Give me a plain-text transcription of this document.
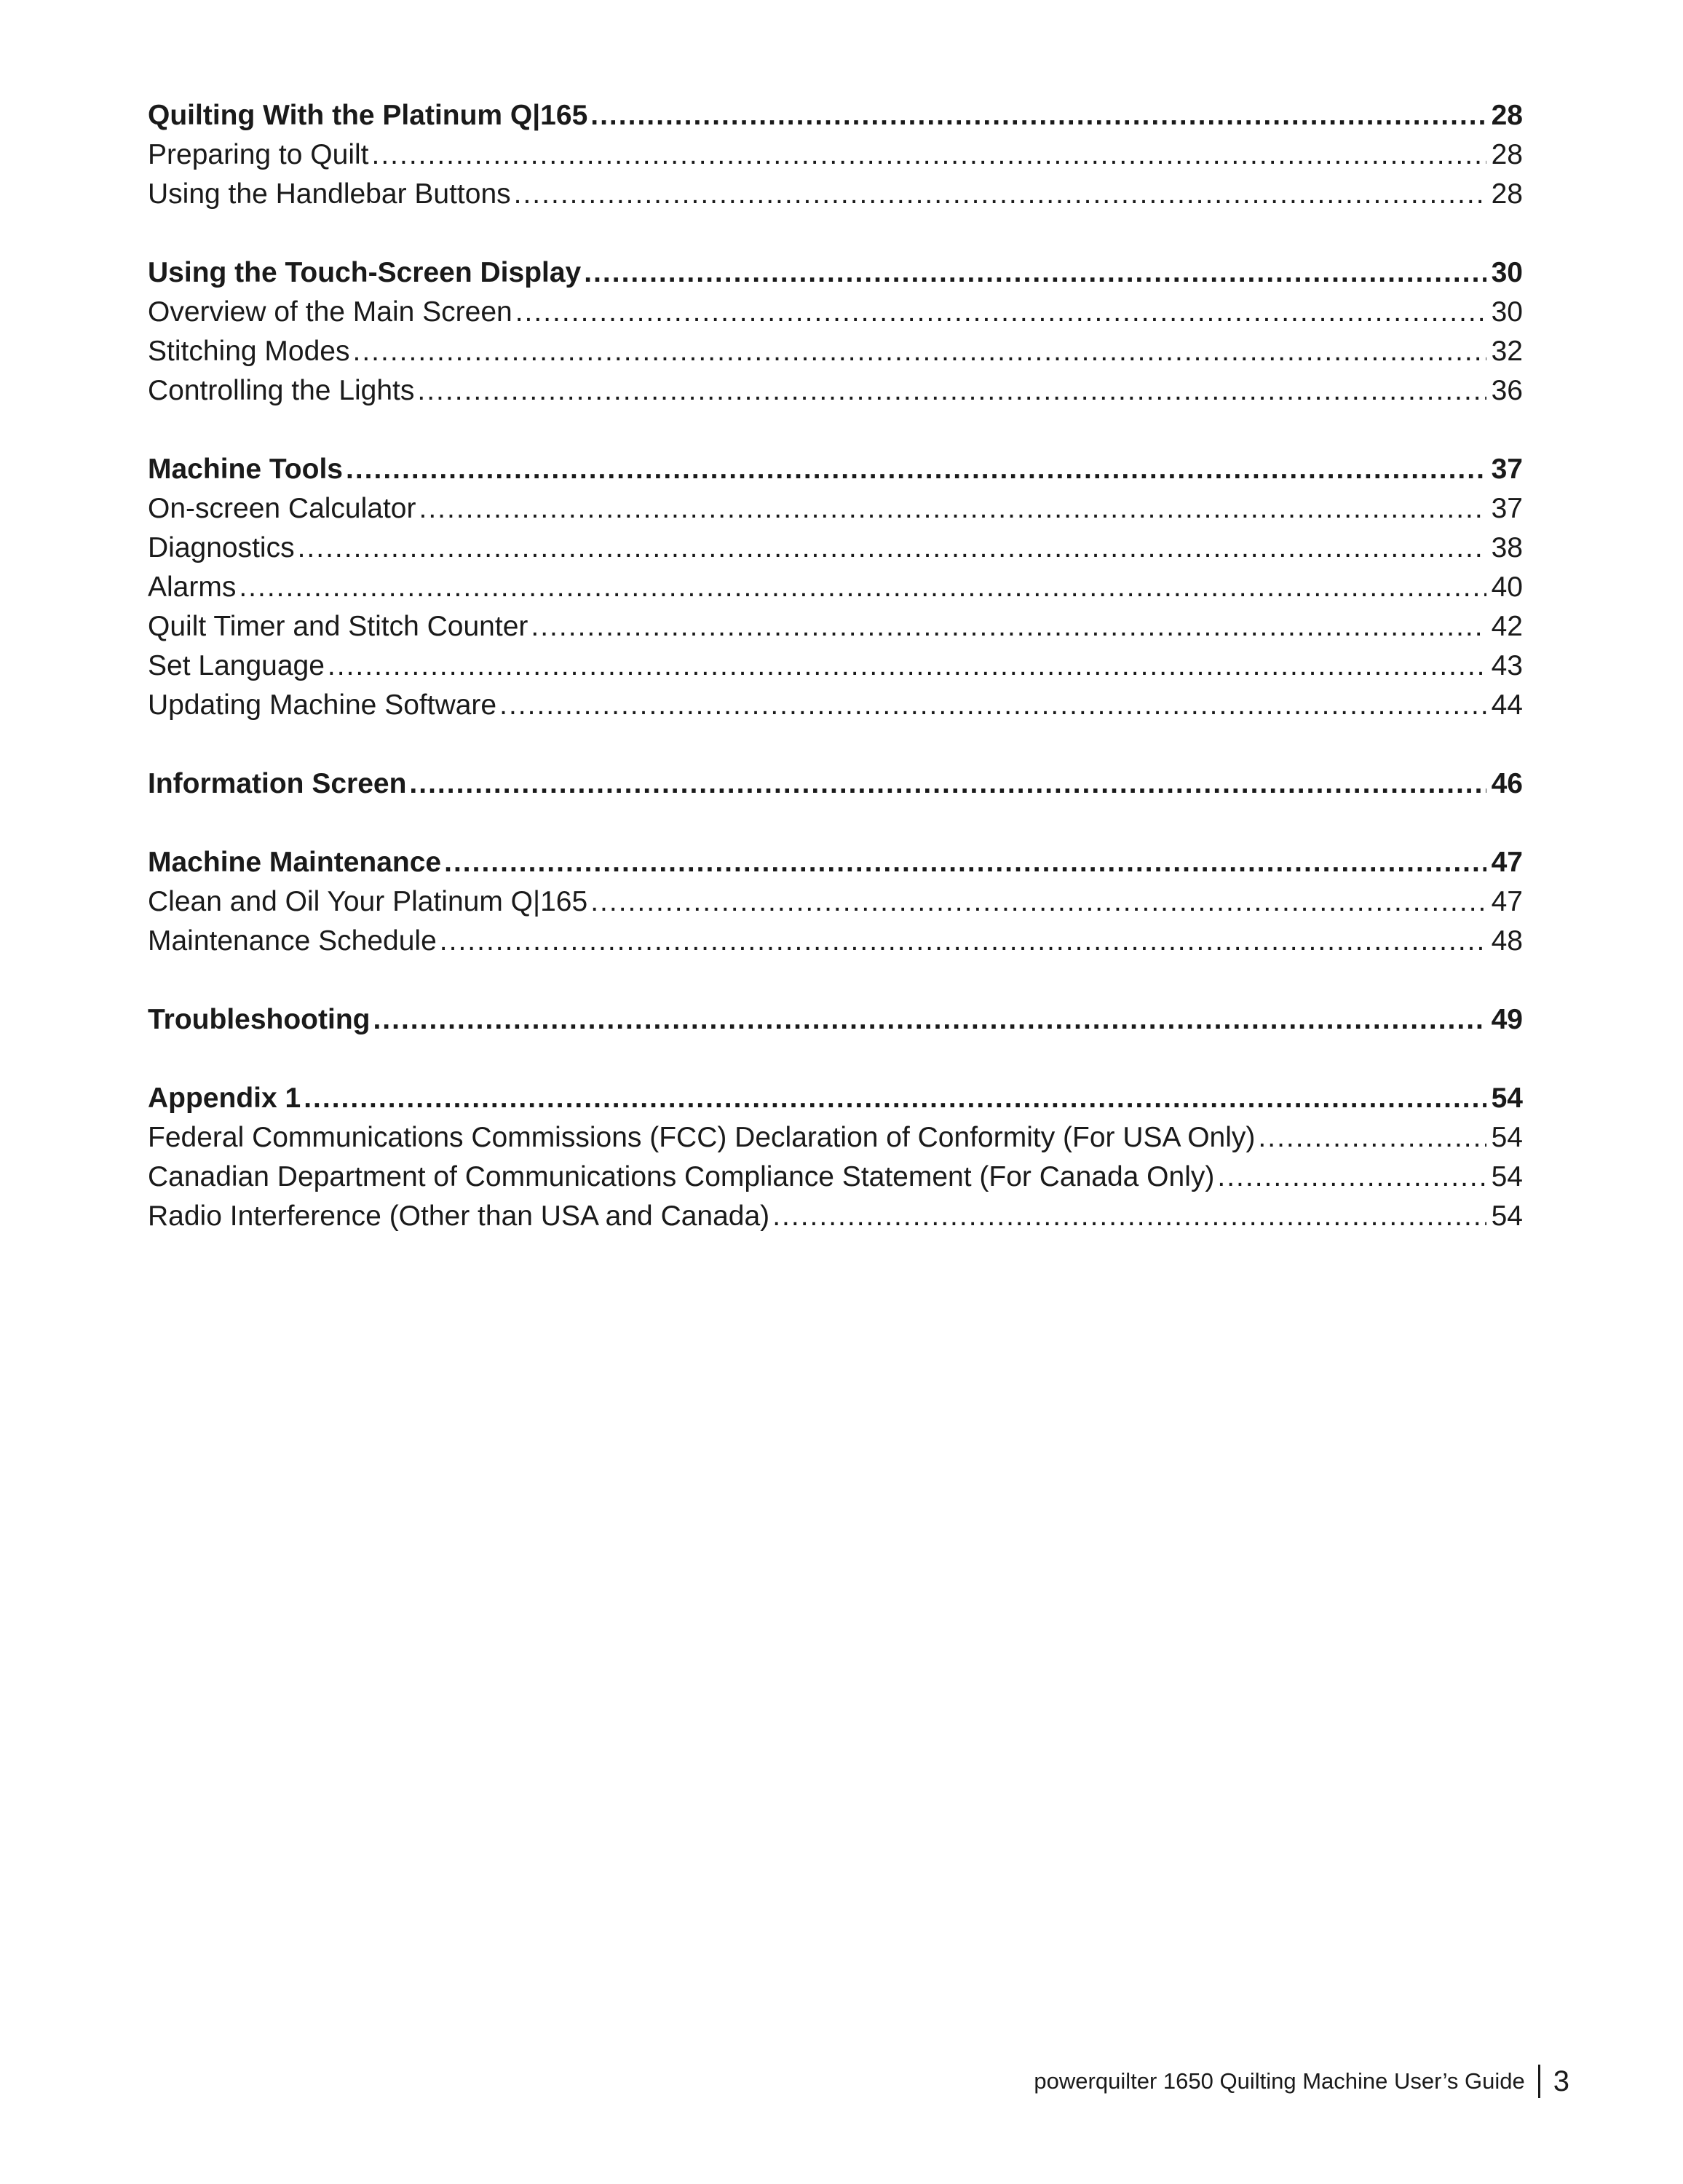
Quilting With the Platinum Q|165 .....	28
Preparing to Quilt .....	28
Using the Handlebar Buttons .....	28
Using the Touch-Screen Display .....	30
Overview of the Main Screen .....	30
Stitching Modes .....	32
Controlling the Lights .....	36
Machine Tools .....	37
On-screen Calculator .....	37
Diagnostics .....	38
Alarms .....	40
Quilt Timer and Stitch Counter .....	42
Set Language .....	43
Updating Machine Software .....	44
Information Screen .....	46
Machine Maintenance .....	47
Clean and Oil Your Platinum Q|165 .....	47
Maintenance Schedule .....	48
Troubleshooting .....	49
Appendix 1 .....	54
Federal Communications Commissions (FCC) Declaration of Conformity (For USA Only) .....	54
Canadian Department of Communications Compliance Statement (For Canada Only) .....	54
Radio Interference (Other than USA and Canada) .....	54
powerquilter 1650 Quilting Machine User’s Guide 3
